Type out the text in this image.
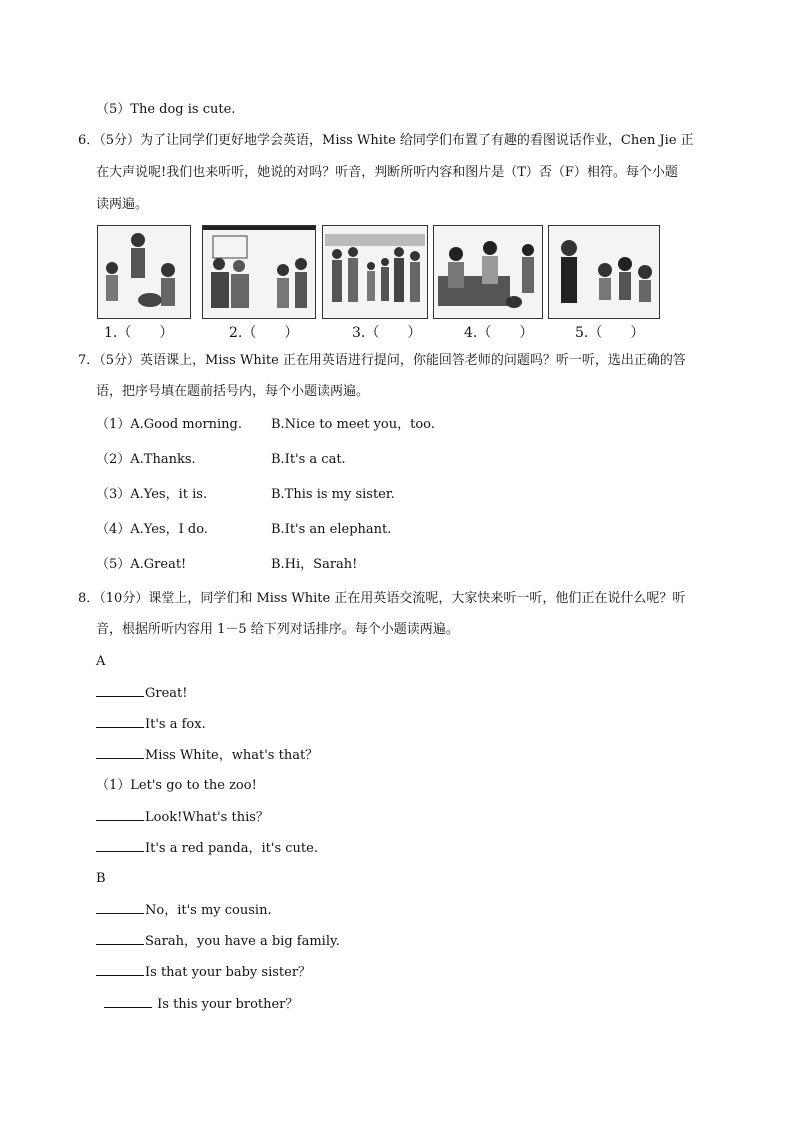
（5）The dog is cute.
6．（5分）为了让同学们更好地学会英语，Miss White 给同学们布置了有趣的看图说话作业，Chen Jie 正
在大声说呢!我们也来听听，她说的对吗？听音，判断所听内容和图片是（T）否（F）相符。每个小题
读两遍。
1.（　　）	2.（　　）	3.（　　）	4.（　　）	5.（　　）
7．（5分）英语课上，Miss White 正在用英语进行提问，你能回答老师的问题吗？听一听，选出正确的答
语，把序号填在题前括号内，每个小题读两遍。
（1）A.Good morning. B.Nice to meet you，too.
（2）A.Thanks.	B.It's a cat.
（3）A.Yes，it is.	B.This is my sister.
（4）A.Yes，I do.	B.It's an elephant.
（5）A.Great!	B.Hi，Sarah!
8．（10分）课堂上，同学们和 Miss White 正在用英语交流呢，大家快来听一听，他们正在说什么呢？听
音，根据所听内容用 1－5 给下列对话排序。每个小题读两遍。
A
Great!
It's a fox.
Miss White，what's that？
（1）Let's go to the zoo!
Look!What's this？
It's a red panda，it's cute.
B
No，it's my cousin.
Sarah，you have a big family.
Is that your baby sister？
Is this your brother？
